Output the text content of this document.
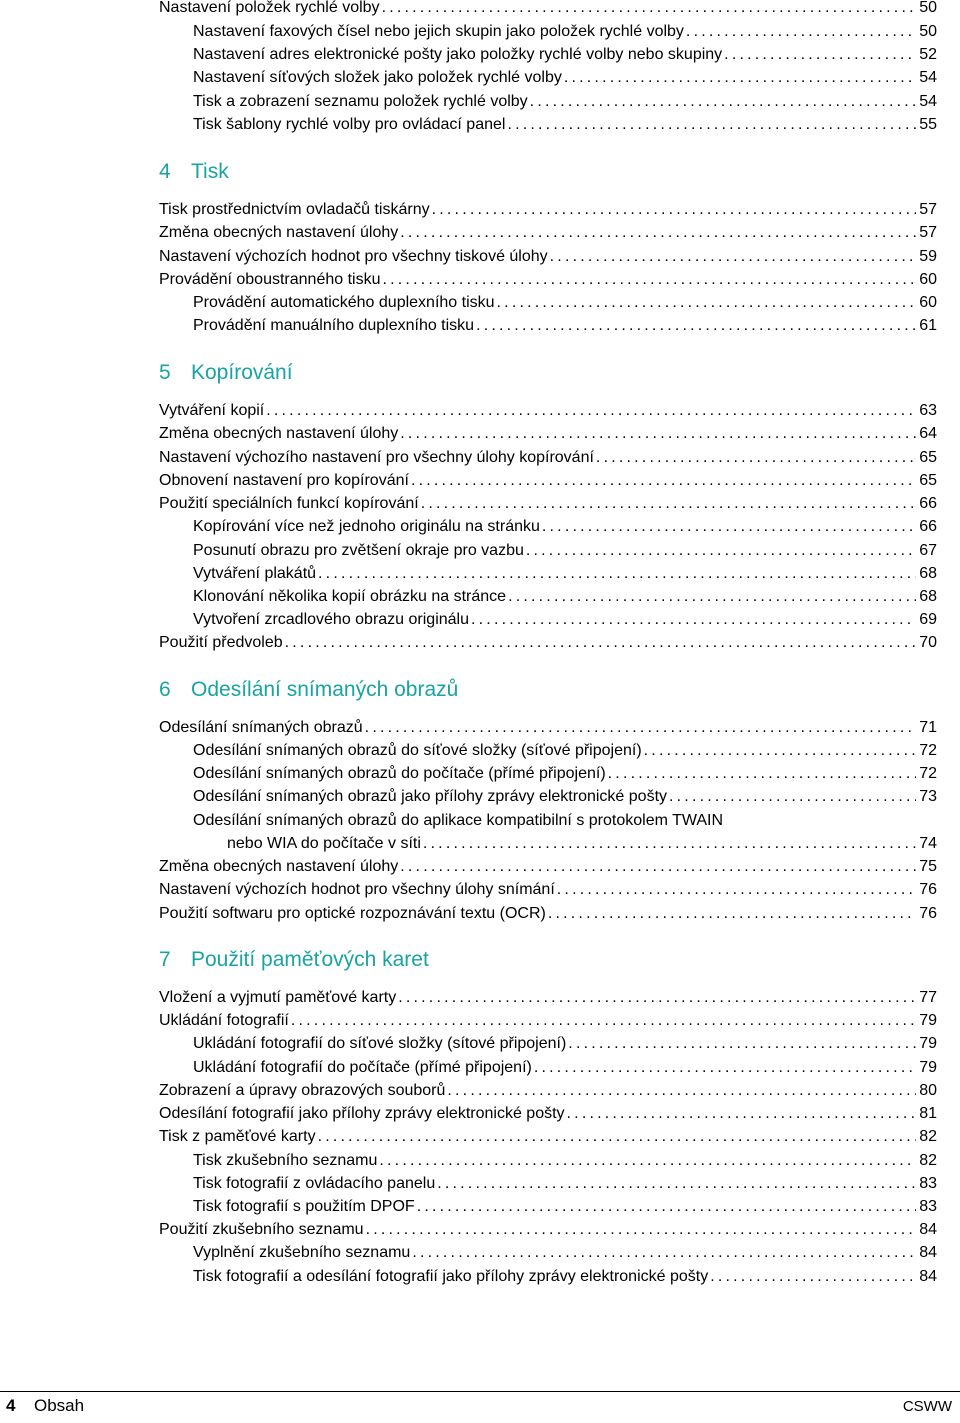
Nastavení položek rychlé volby .....	50
Nastavení faxových čísel nebo jejich skupin jako položek rychlé volby .....	50
Nastavení adres elektronické pošty jako položky rychlé volby nebo skupiny .....	52
Nastavení síťových složek jako položek rychlé volby .....	54
Tisk a zobrazení seznamu položek rychlé volby .....	54
Tisk šablony rychlé volby pro ovládací panel .....	55
4 Tisk
Tisk prostřednictvím ovladačů tiskárny .....	57
Změna obecných nastavení úlohy .....	57
Nastavení výchozích hodnot pro všechny tiskové úlohy .....	59
Provádění oboustranného tisku .....	60
Provádění automatického duplexního tisku .....	60
Provádění manuálního duplexního tisku .....	61
5 Kopírování
Vytváření kopií .....	63
Změna obecných nastavení úlohy .....	64
Nastavení výchozího nastavení pro všechny úlohy kopírování .....	65
Obnovení nastavení pro kopírování .....	65
Použití speciálních funkcí kopírování .....	66
Kopírování více než jednoho originálu na stránku .....	66
Posunutí obrazu pro zvětšení okraje pro vazbu .....	67
Vytváření plakátů .....	68
Klonování několika kopií obrázku na stránce .....	68
Vytvoření zrcadlového obrazu originálu .....	69
Použití předvoleb .....	70
6 Odesílání snímaných obrazů
Odesílání snímaných obrazů .....	71
Odesílání snímaných obrazů do síťové složky (síťové připojení) .....	72
Odesílání snímaných obrazů do počítače (přímé připojení) .....	72
Odesílání snímaných obrazů jako přílohy zprávy elektronické pošty .....	73
Odesílání snímaných obrazů do aplikace kompatibilní s protokolem TWAIN
nebo WIA do počítače v síti .....	74
Změna obecných nastavení úlohy .....	75
Nastavení výchozích hodnot pro všechny úlohy snímání .....	76
Použití softwaru pro optické rozpoznávání textu (OCR) .....	76
7 Použití paměťových karet
Vložení a vyjmutí paměťové karty .....	77
Ukládání fotografií .....	79
Ukládání fotografií do síťové složky (sítové připojení) .....	79
Ukládání fotografií do počítače (přímé připojení) .....	79
Zobrazení a úpravy obrazových souborů .....	80
Odesílání fotografií jako přílohy zprávy elektronické pošty .....	81
Tisk z paměťové karty .....	82
Tisk zkušebního seznamu .....	82
Tisk fotografií z ovládacího panelu .....	83
Tisk fotografií s použitím DPOF .....	83
Použití zkušebního seznamu .....	84
Vyplnění zkušebního seznamu .....	84
Tisk fotografií a odesílání fotografií jako přílohy zprávy elektronické pošty .....	84
4 Obsah	CSWW
